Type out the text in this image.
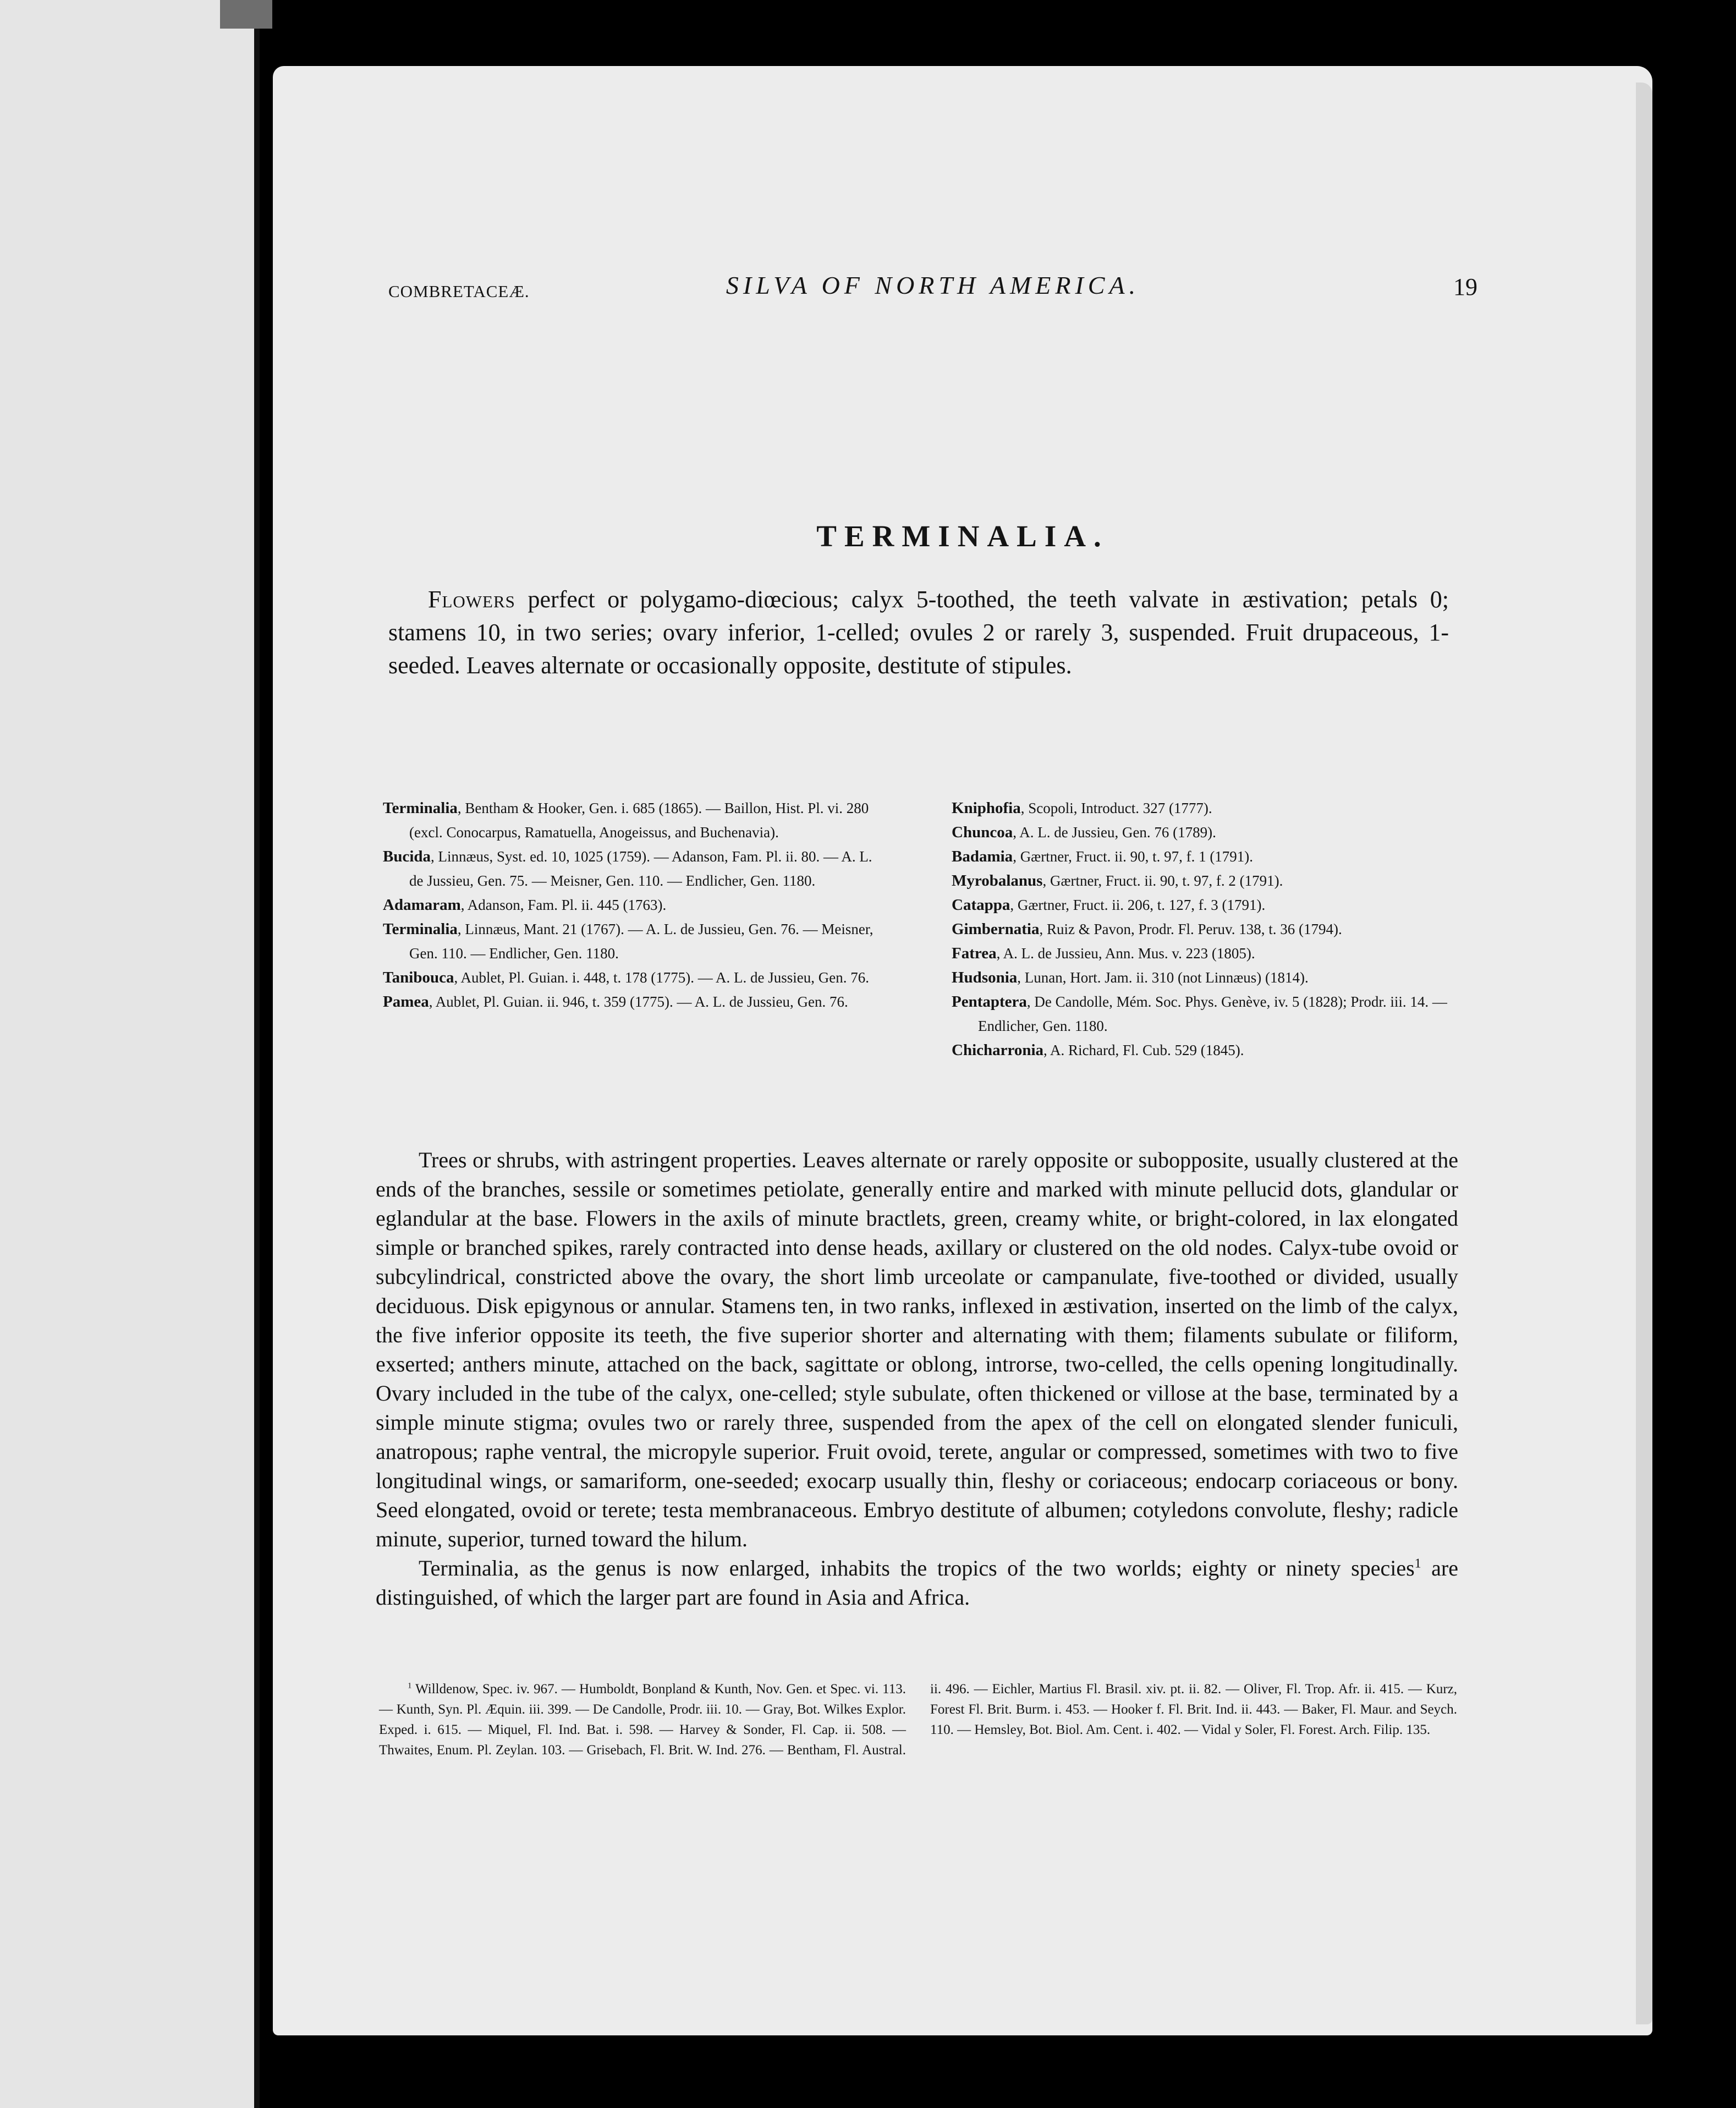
COMBRETACEÆ.	SILVA OF NORTH AMERICA.	19
TERMINALIA.

Flowers perfect or polygamo-diœcious; calyx 5-toothed, the teeth valvate in æstivation; petals 0; stamens 10, in two series; ovary inferior, 1-celled; ovules 2 or rarely 3, suspended. Fruit drupaceous, 1-seeded. Leaves alternate or occasionally opposite, destitute of stipules.

Terminalia, Bentham & Hooker, Gen. i. 685 (1865). — Baillon, Hist. Pl. vi. 280 (excl. Conocarpus, Ramatuella, Anogeissus, and Buchenavia).
Bucida, Linnæus, Syst. ed. 10, 1025 (1759). — Adanson, Fam. Pl. ii. 80. — A. L. de Jussieu, Gen. 75. — Meisner, Gen. 110. — Endlicher, Gen. 1180.
Adamaram, Adanson, Fam. Pl. ii. 445 (1763).
Terminalia, Linnæus, Mant. 21 (1767). — A. L. de Jussieu, Gen. 76. — Meisner, Gen. 110. — Endlicher, Gen. 1180.
Tanibouca, Aublet, Pl. Guian. i. 448, t. 178 (1775). — A. L. de Jussieu, Gen. 76.
Pamea, Aublet, Pl. Guian. ii. 946, t. 359 (1775). — A. L. de Jussieu, Gen. 76.
Kniphofia, Scopoli, Introduct. 327 (1777).
Chuncoa, A. L. de Jussieu, Gen. 76 (1789).
Badamia, Gærtner, Fruct. ii. 90, t. 97, f. 1 (1791).
Myrobalanus, Gærtner, Fruct. ii. 90, t. 97, f. 2 (1791).
Catappa, Gærtner, Fruct. ii. 206, t. 127, f. 3 (1791).
Gimbernatia, Ruiz & Pavon, Prodr. Fl. Peruv. 138, t. 36 (1794).
Fatrea, A. L. de Jussieu, Ann. Mus. v. 223 (1805).
Hudsonia, Lunan, Hort. Jam. ii. 310 (not Linnæus) (1814).
Pentaptera, De Candolle, Mém. Soc. Phys. Genève, iv. 5 (1828); Prodr. iii. 14. — Endlicher, Gen. 1180.
Chicharronia, A. Richard, Fl. Cub. 529 (1845).

Trees or shrubs, with astringent properties. Leaves alternate or rarely opposite or subopposite, usually clustered at the ends of the branches, sessile or sometimes petiolate, generally entire and marked with minute pellucid dots, glandular or eglandular at the base. Flowers in the axils of minute bractlets, green, creamy white, or bright-colored, in lax elongated simple or branched spikes, rarely contracted into dense heads, axillary or clustered on the old nodes. Calyx-tube ovoid or subcylindrical, constricted above the ovary, the short limb urceolate or campanulate, five-toothed or divided, usually deciduous. Disk epigynous or annular. Stamens ten, in two ranks, inflexed in æstivation, inserted on the limb of the calyx, the five inferior opposite its teeth, the five superior shorter and alternating with them; filaments subulate or filiform, exserted; anthers minute, attached on the back, sagittate or oblong, introrse, two-celled, the cells opening longitudinally. Ovary included in the tube of the calyx, one-celled; style subulate, often thickened or villose at the base, terminated by a simple minute stigma; ovules two or rarely three, suspended from the apex of the cell on elongated slender funiculi, anatropous; raphe ventral, the micropyle superior. Fruit ovoid, terete, angular or compressed, sometimes with two to five longitudinal wings, or samariform, one-seeded; exocarp usually thin, fleshy or coriaceous; endocarp coriaceous or bony. Seed elongated, ovoid or terete; testa membranaceous. Embryo destitute of albumen; cotyledons convolute, fleshy; radicle minute, superior, turned toward the hilum.

Terminalia, as the genus is now enlarged, inhabits the tropics of the two worlds; eighty or ninety species$^1$ are distinguished, of which the larger part are found in Asia and Africa.

$^1$ Willdenow, Spec. iv. 967. — Humboldt, Bonpland & Kunth, Nov. Gen. et Spec. vi. 113. — Kunth, Syn. Pl. Æquin. iii. 399. — De Candolle, Prodr. iii. 10. — Gray, Bot. Wilkes Explor. Exped. i. 615. — Miquel, Fl. Ind. Bat. i. 598. — Harvey & Sonder, Fl. Cap. ii. 508. — Thwaites, Enum. Pl. Zeylan. 103. — Grisebach, Fl. Brit. W. Ind. 276. — Bentham, Fl. Austral. ii. 496. — Eichler, Martius Fl. Brasil. xiv. pt. ii. 82. — Oliver, Fl. Trop. Afr. ii. 415. — Kurz, Forest Fl. Brit. Burm. i. 453. — Hooker f. Fl. Brit. Ind. ii. 443. — Baker, Fl. Maur. and Seych. 110. — Hemsley, Bot. Biol. Am. Cent. i. 402. — Vidal y Soler, Fl. Forest. Arch. Filip. 135.
